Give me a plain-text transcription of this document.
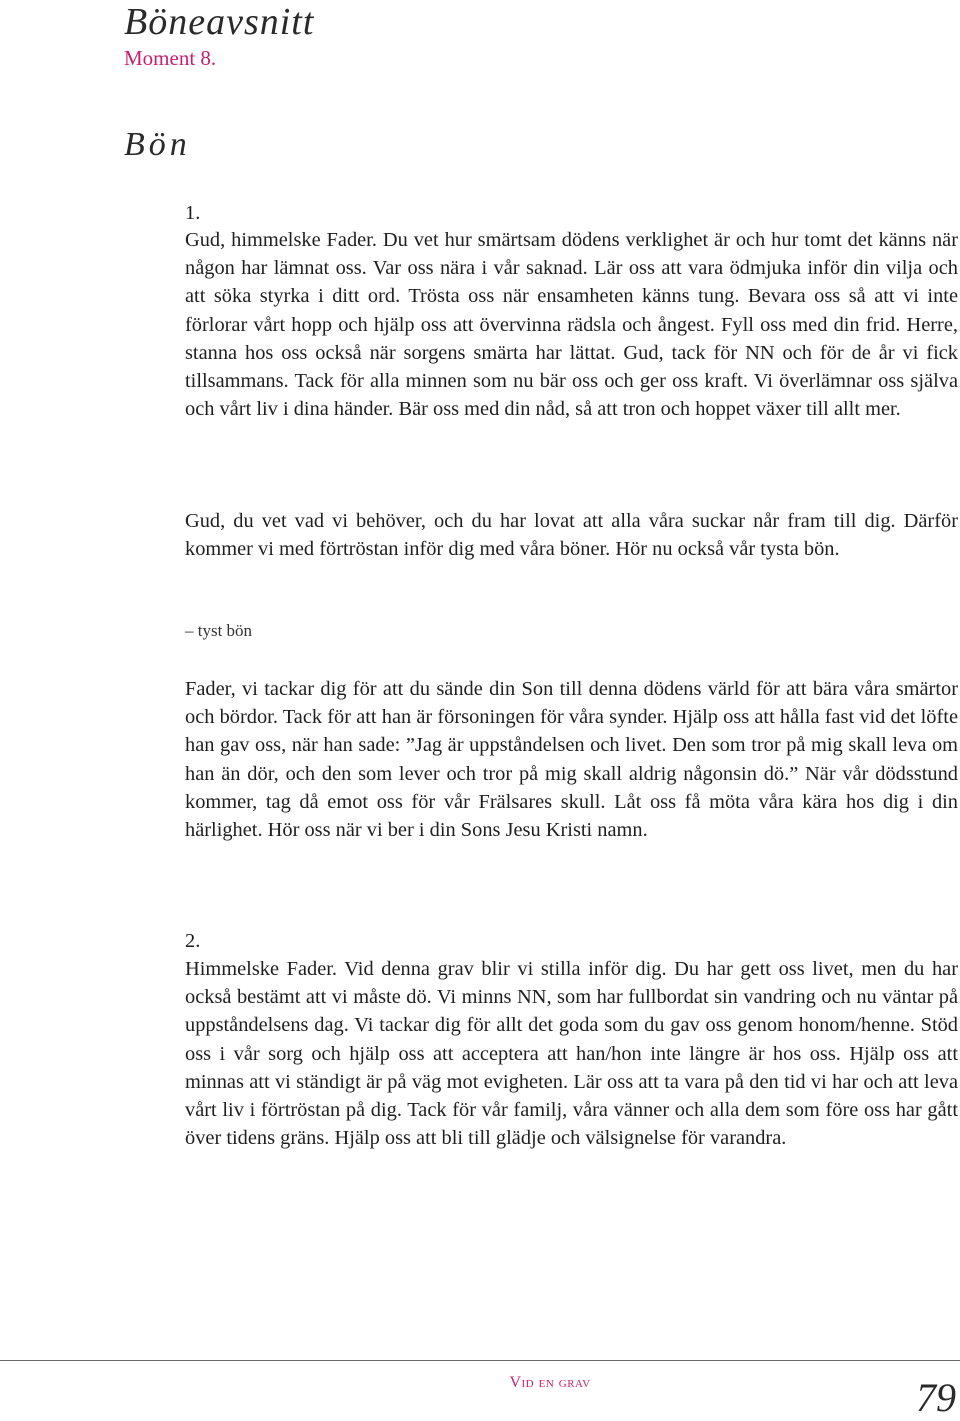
Böneavsnitt
Moment 8.
Bön
1.

Gud, himmelske Fader. Du vet hur smärtsam dödens verklighet är och hur tomt det känns när någon har lämnat oss. Var oss nära i vår saknad. Lär oss att vara ödmjuka inför din vilja och att söka styrka i ditt ord. Trösta oss när ensamheten känns tung. Bevara oss så att vi inte förlorar vårt hopp och hjälp oss att övervinna rädsla och ångest. Fyll oss med din frid. Herre, stanna hos oss också när sorgens smärta har lättat. Gud, tack för NN och för de år vi fick tillsammans. Tack för alla minnen som nu bär oss och ger oss kraft. Vi överlämnar oss själva och vårt liv i dina händer. Bär oss med din nåd, så att tron och hoppet växer till allt mer.

Gud, du vet vad vi behöver, och du har lovat att alla våra suckar når fram till dig. Därför kommer vi med förtröstan inför dig med våra böner. Hör nu också vår tysta bön.

– tyst bön

Fader, vi tackar dig för att du sände din Son till denna dödens värld för att bära våra smärtor och bördor. Tack för att han är försoningen för våra synder. Hjälp oss att hålla fast vid det löfte han gav oss, när han sade: ”Jag är uppståndelsen och livet. Den som tror på mig skall leva om han än dör, och den som lever och tror på mig skall aldrig någonsin dö.” När vår dödsstund kommer, tag då emot oss för vår Frälsares skull. Låt oss få möta våra kära hos dig i din härlighet. Hör oss när vi ber i din Sons Jesu Kristi namn.

2.

Himmelske Fader. Vid denna grav blir vi stilla inför dig. Du har gett oss livet, men du har också bestämt att vi måste dö. Vi minns NN, som har fullbordat sin vandring och nu väntar på uppståndelsens dag. Vi tackar dig för allt det goda som du gav oss genom honom/henne. Stöd oss i vår sorg och hjälp oss att acceptera att han/hon inte längre är hos oss. Hjälp oss att minnas att vi ständigt är på väg mot evigheten. Lär oss att ta vara på den tid vi har och att leva vårt liv i förtröstan på dig. Tack för vår familj, våra vänner och alla dem som före oss har gått över tidens gräns. Hjälp oss att bli till glädje och välsignelse för varandra.

Vid en grav	79
